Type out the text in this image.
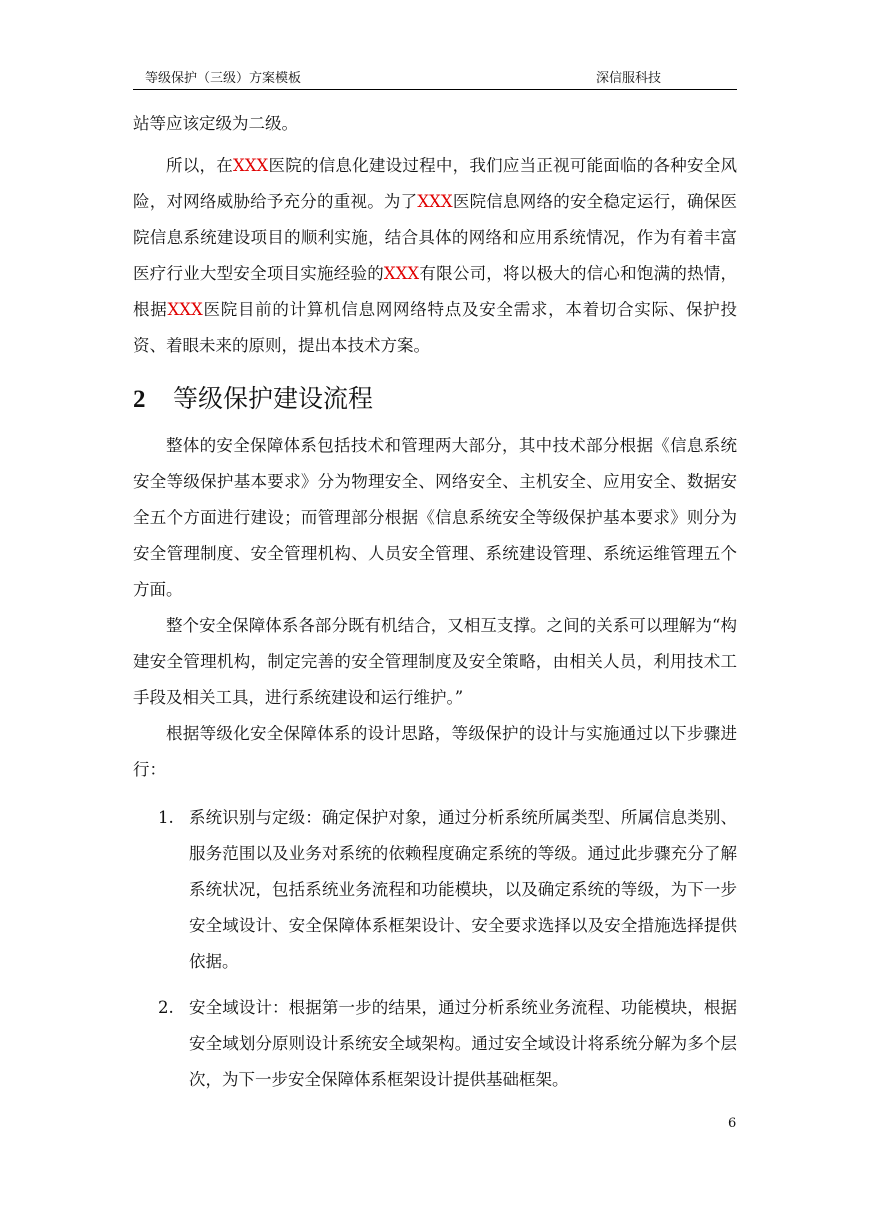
等级保护（三级）方案模板	深信服科技

站等应该定级为二级。

所以，在XXX医院的信息化建设过程中，我们应当正视可能面临的各种安全风险，对网络威胁给予充分的重视。为了XXX医院信息网络的安全稳定运行，确保医院信息系统建设项目的顺利实施，结合具体的网络和应用系统情况，作为有着丰富医疗行业大型安全项目实施经验的XXX有限公司，将以极大的信心和饱满的热情，根据XXX医院目前的计算机信息网网络特点及安全需求，本着切合实际、保护投资、着眼未来的原则，提出本技术方案。

2 等级保护建设流程

整体的安全保障体系包括技术和管理两大部分，其中技术部分根据《信息系统安全等级保护基本要求》分为物理安全、网络安全、主机安全、应用安全、数据安全五个方面进行建设；而管理部分根据《信息系统安全等级保护基本要求》则分为安全管理制度、安全管理机构、人员安全管理、系统建设管理、系统运维管理五个方面。

整个安全保障体系各部分既有机结合，又相互支撑。之间的关系可以理解为“构建安全管理机构，制定完善的安全管理制度及安全策略，由相关人员，利用技术工手段及相关工具，进行系统建设和运行维护。”

根据等级化安全保障体系的设计思路，等级保护的设计与实施通过以下步骤进行：

1. 系统识别与定级：确定保护对象，通过分析系统所属类型、所属信息类别、服务范围以及业务对系统的依赖程度确定系统的等级。通过此步骤充分了解系统状况，包括系统业务流程和功能模块，以及确定系统的等级，为下一步安全域设计、安全保障体系框架设计、安全要求选择以及安全措施选择提供依据。
2. 安全域设计：根据第一步的结果，通过分析系统业务流程、功能模块，根据安全域划分原则设计系统安全域架构。通过安全域设计将系统分解为多个层次，为下一步安全保障体系框架设计提供基础框架。
6
